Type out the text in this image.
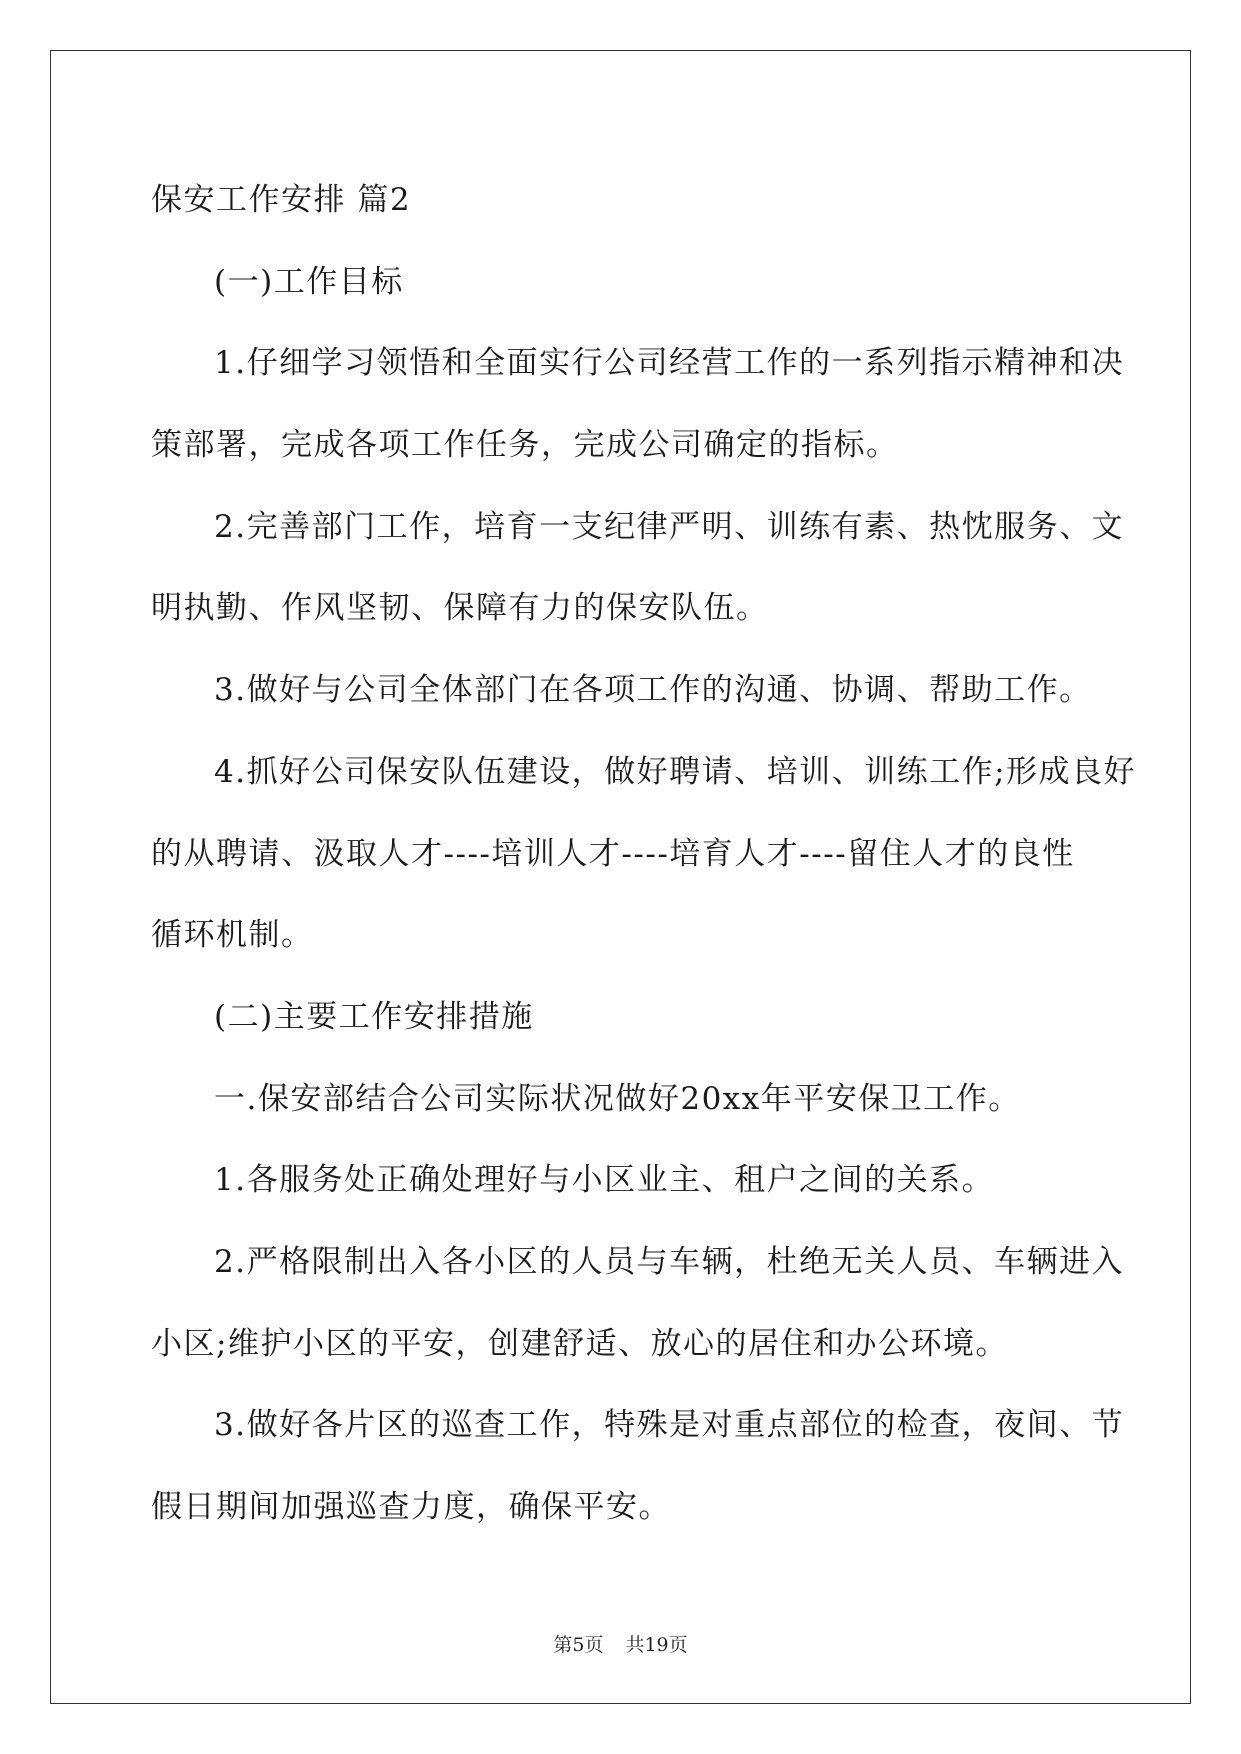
保安工作安排 篇2
(一)工作目标
1.仔细学习领悟和全面实行公司经营工作的一系列指示精神和决
策部署，完成各项工作任务，完成公司确定的指标。
2.完善部门工作，培育一支纪律严明、训练有素、热忱服务、文
明执勤、作风坚韧、保障有力的保安队伍。
3.做好与公司全体部门在各项工作的沟通、协调、帮助工作。
4.抓好公司保安队伍建设，做好聘请、培训、训练工作;形成良好
的从聘请、汲取人才----培训人才----培育人才----留住人才的良性
循环机制。
(二)主要工作安排措施
一.保安部结合公司实际状况做好20xx年平安保卫工作。
1.各服务处正确处理好与小区业主、租户之间的关系。
2.严格限制出入各小区的人员与车辆，杜绝无关人员、车辆进入
小区;维护小区的平安，创建舒适、放心的居住和办公环境。
3.做好各片区的巡查工作，特殊是对重点部位的检查，夜间、节
假日期间加强巡查力度，确保平安。
第5页 共19页
